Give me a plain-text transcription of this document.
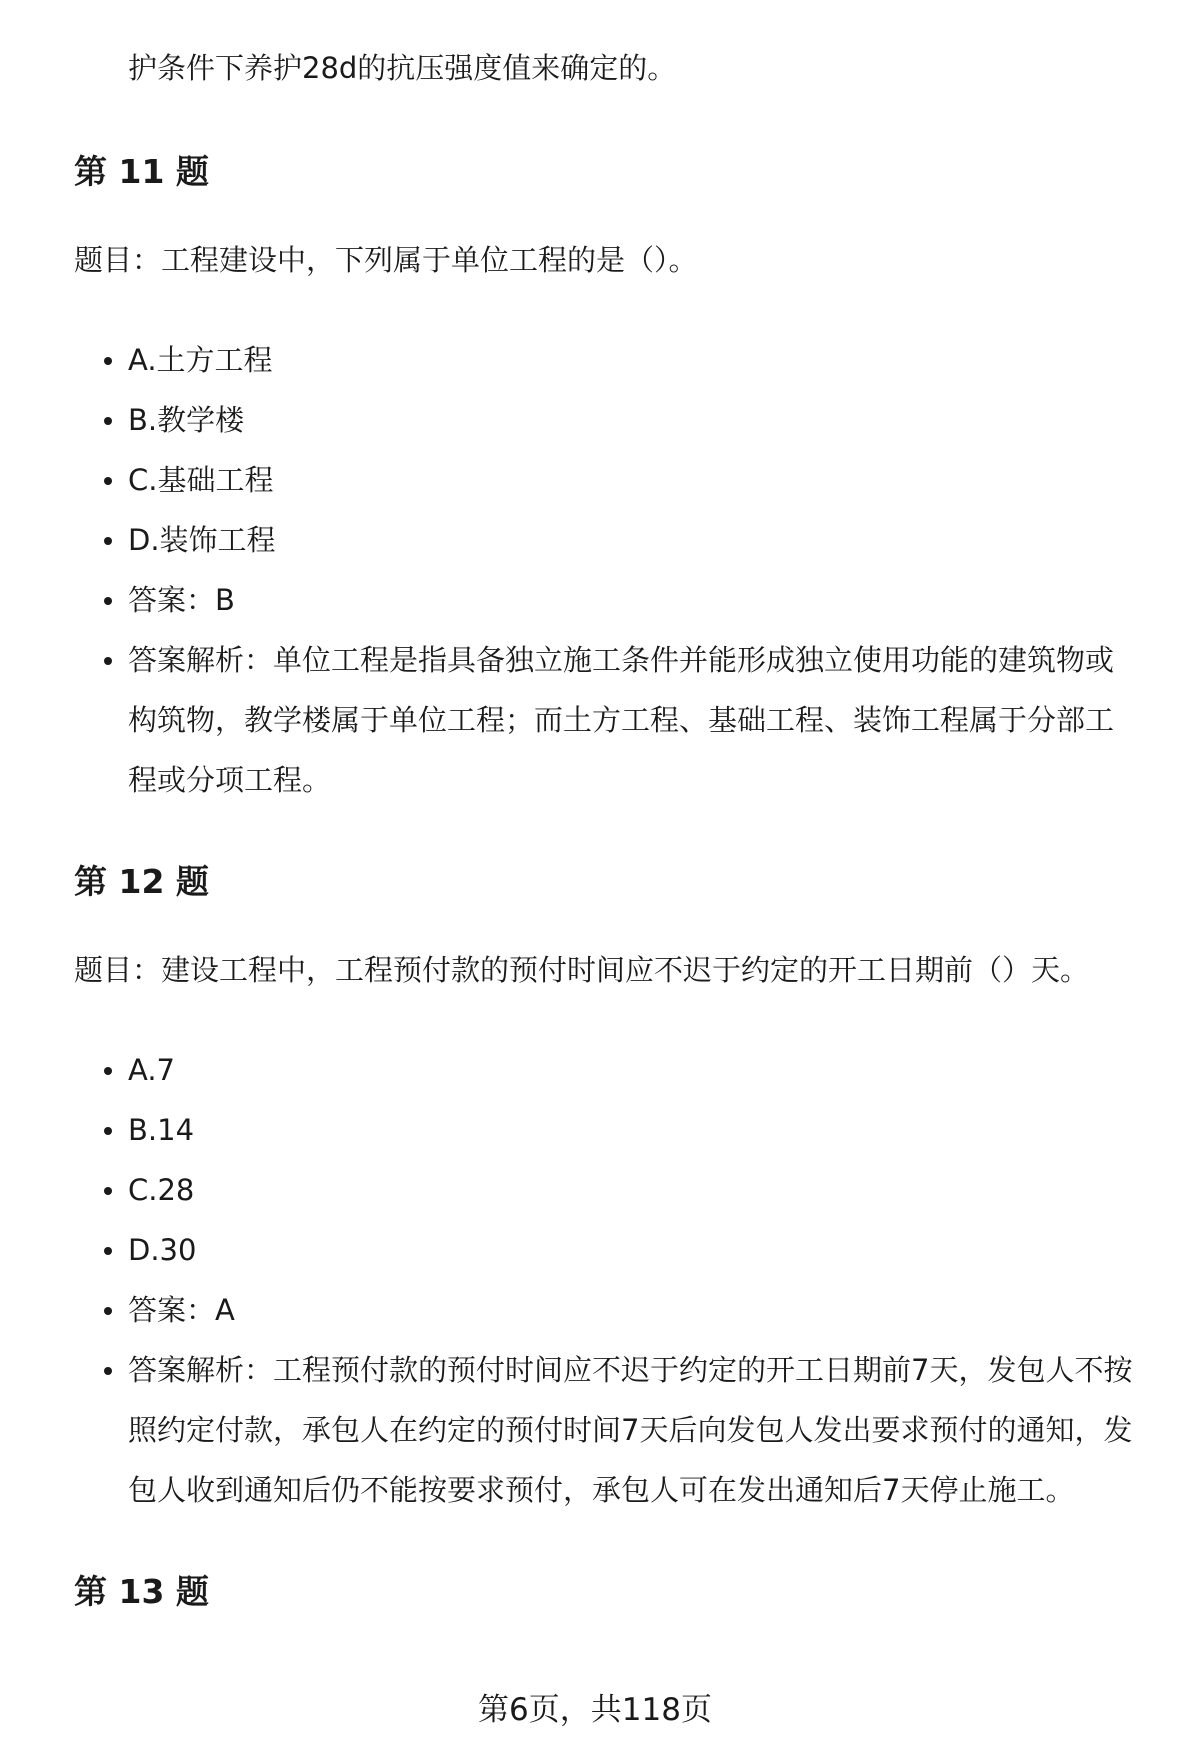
护条件下养护28d的抗压强度值来确定的。
第 11 题
题目：工程建设中，下列属于单位工程的是（）。
A.土方工程
B.教学楼
C.基础工程
D.装饰工程
答案：B
答案解析：单位工程是指具备独立施工条件并能形成独立使用功能的建筑物或
构筑物，教学楼属于单位工程；而土方工程、基础工程、装饰工程属于分部工
程或分项工程。
第 12 题
题目：建设工程中，工程预付款的预付时间应不迟于约定的开工日期前（）天。
A.7
B.14
C.28
D.30
答案：A
答案解析：工程预付款的预付时间应不迟于约定的开工日期前7天，发包人不按
照约定付款，承包人在约定的预付时间7天后向发包人发出要求预付的通知，发
包人收到通知后仍不能按要求预付，承包人可在发出通知后7天停止施工。
第 13 题
第6页，共118页
